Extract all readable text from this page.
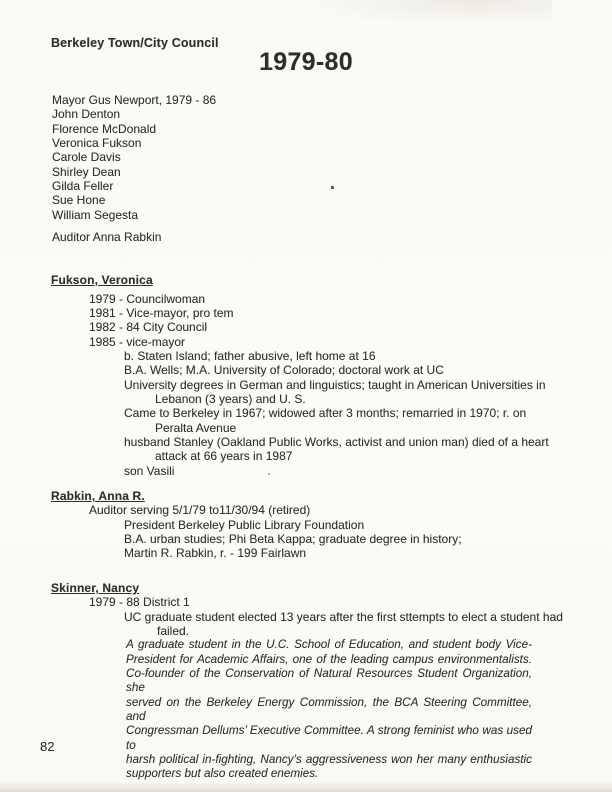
Berkeley Town/City Council
1979-80
Mayor Gus Newport, 1979 - 86
John Denton
Florence McDonald
Veronica Fukson
Carole Davis
Shirley Dean
Gilda Feller
Sue Hone
William Segesta
Auditor Anna Rabkin
Fukson, Veronica
1979 - Councilwoman
1981 - Vice-mayor, pro tem
1982 - 84 City Council
1985 - vice-mayor
b. Staten Island; father abusive, left home at 16
B.A. Wells; M.A. University of Colorado; doctoral work at UC
University degrees in German and linguistics; taught in American Universities in
Lebanon (3 years) and U. S.
Came to Berkeley in 1967; widowed after 3 months; remarried in 1970; r. on
Peralta Avenue
husband Stanley (Oakland Public Works, activist and union man) died of a heart
attack at 66 years in 1987
son Vasili
Rabkin, Anna R.
Auditor serving 5/1/79 to11/30/94 (retired)
President Berkeley Public Library Foundation
B.A. urban studies; Phi Beta Kappa; graduate degree in history;
Martin R. Rabkin, r. - 199 Fairlawn
Skinner, Nancy
1979 - 88 District 1
UC graduate student elected 13 years after the first sttempts to elect a student had
failed.
A graduate student in the U.C. School of Education, and student body Vice-
President for Academic Affairs, one of the leading campus environmentalists.
Co-founder of the Conservation of Natural Resources Student Organization, she
served on the Berkeley Energy Commission, the BCA Steering Committee, and
Congressman Dellums’ Executive Committee. A strong feminist who was used to
harsh political in-fighting, Nancy’s aggressiveness won her many enthusiastic
supporters but also created enemies.
82
